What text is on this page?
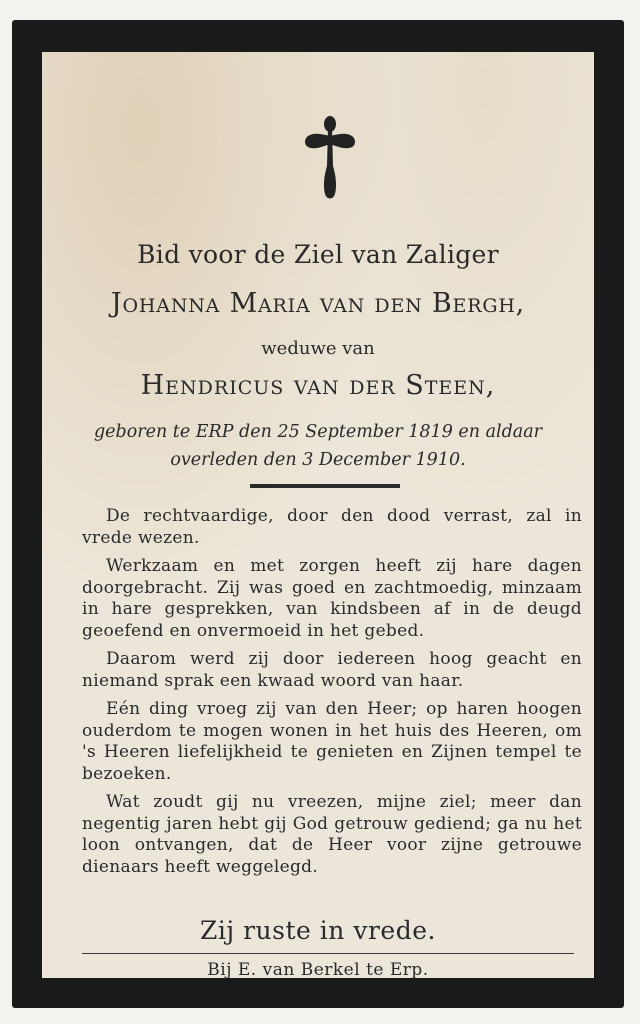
Bid voor de Ziel van Zaliger
Johanna Maria van den Bergh,
weduwe van
Hendricus van der Steen,
geboren te ERP den 25 September 1819 en aldaar
overleden den 3 December 1910.

De rechtvaardige, door den dood verrast, zal in vrede wezen.

Werkzaam en met zorgen heeft zij hare dagen doorgebracht. Zij was goed en zachtmoedig, minzaam in hare gesprekken, van kindsbeen af in de deugd geoefend en onvermoeid in het gebed.

Daarom werd zij door iedereen hoog geacht en niemand sprak een kwaad woord van haar.

Eén ding vroeg zij van den Heer; op haren hoogen ouderdom te mogen wonen in het huis des Heeren, om 's Heeren liefelijkheid te genieten en Zijnen tempel te bezoeken.

Wat zoudt gij nu vreezen, mijne ziel; meer dan negentig jaren hebt gij God getrouw gediend; ga nu het loon ontvangen, dat de Heer voor zijne getrouwe dienaars heeft weggelegd.

Zij ruste in vrede.
Bij E. van Berkel te Erp.
